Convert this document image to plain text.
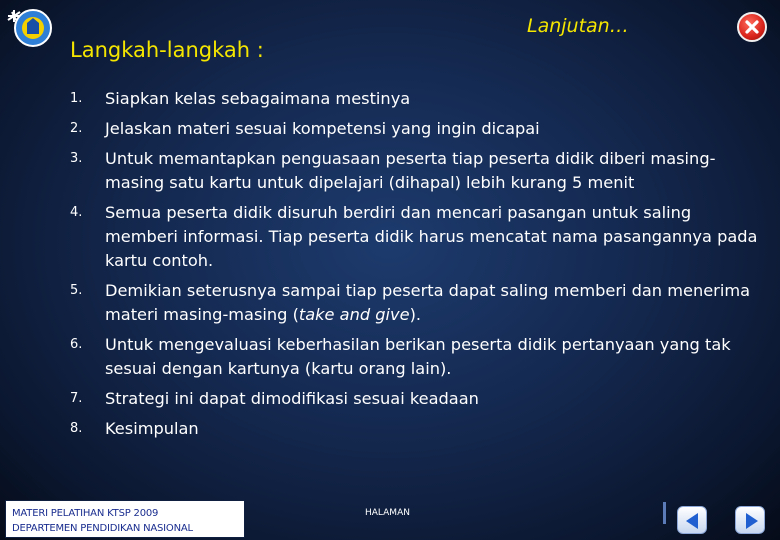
Langkah-langkah :
Lanjutan…
1. Siapkan kelas sebagaimana mestinya
2. Jelaskan materi sesuai kompetensi yang ingin dicapai
3. Untuk memantapkan penguasaan peserta tiap peserta didik diberi masing-masing satu kartu untuk dipelajari (dihapal) lebih kurang 5 menit
4. Semua peserta didik disuruh berdiri dan mencari pasangan untuk saling memberi informasi. Tiap peserta didik harus mencatat nama pasangannya pada kartu contoh.
5. Demikian seterusnya sampai tiap peserta dapat saling memberi dan menerima materi masing-masing (take and give).
6. Untuk mengevaluasi keberhasilan berikan peserta didik pertanyaan yang tak sesuai dengan kartunya (kartu orang lain).
7. Strategi ini dapat dimodifikasi sesuai keadaan
8. Kesimpulan
MATERI PELATIHAN KTSP 2009
DEPARTEMEN PENDIDIKAN NASIONAL
HALAMAN
